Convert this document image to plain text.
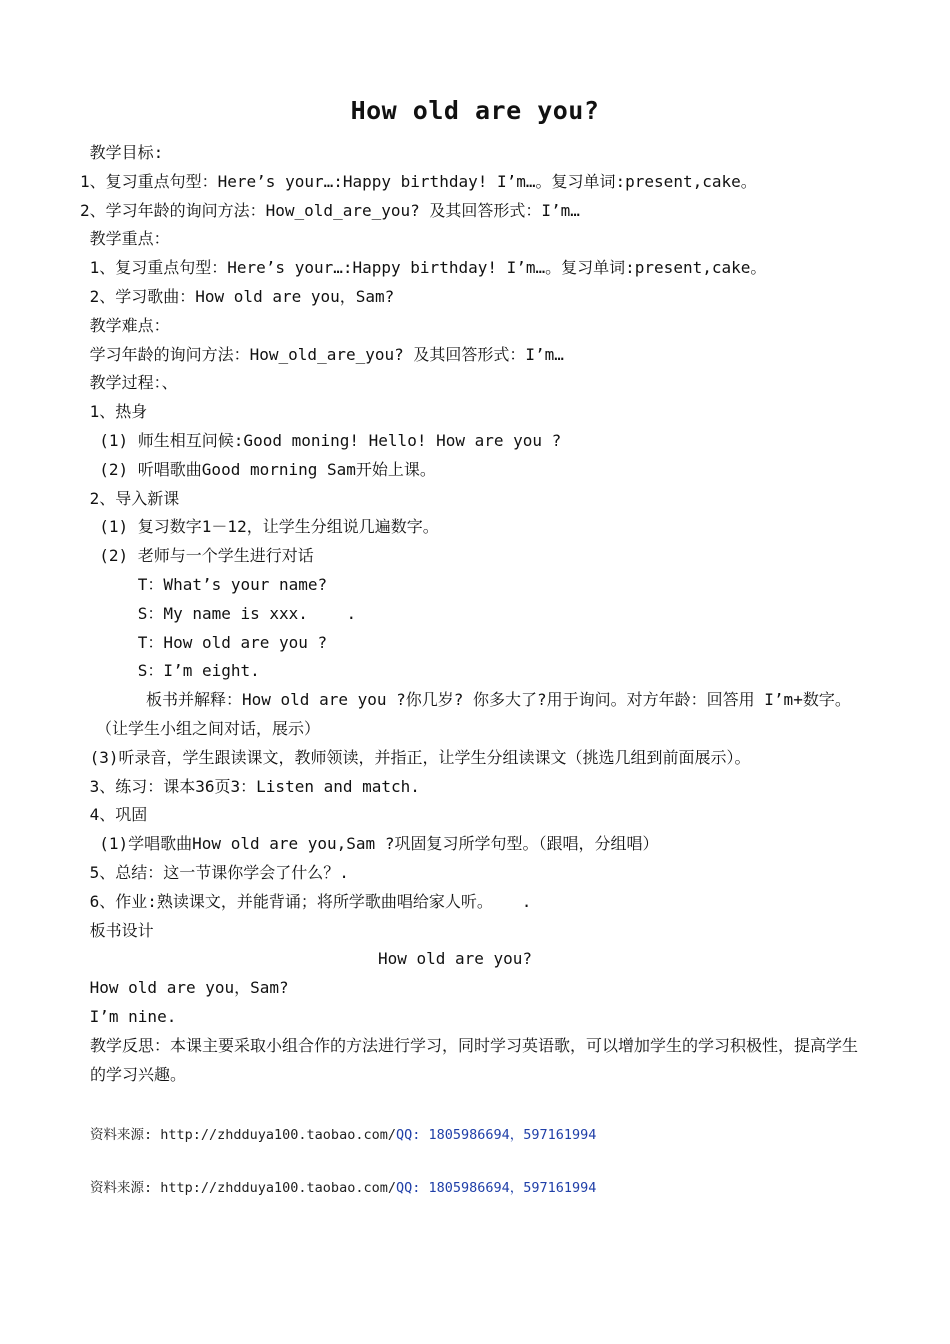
How old are you?
教学目标:
1、复习重点句型：Here’s your…:Happy birthday! I’m…。复习单词:present,cake。
2、学习年龄的询问方法：How_old_are_you? 及其回答形式：I’m…
教学重点：
1、复习重点句型：Here’s your…:Happy birthday! I’m…。复习单词:present,cake。
2、学习歌曲：How old are you，Sam?
教学难点：
学习年龄的询问方法：How_old_are_you? 及其回答形式：I’m…
教学过程：、
1、热身
(1) 师生相互问候:Good moning! Hello! How are you ?
(2) 听唱歌曲Good morning Sam开始上课。
2、导入新课
(1) 复习数字1－12，让学生分组说几遍数字。
(2) 老师与一个学生进行对话
T：What’s your name?
S：My name is xxx.    .
T：How old are you ?
S：I’m eight.
板书并解释：How old are you ?你几岁? 你多大了?用于询问。对方年龄：回答用 I’m+数字。（让学生小组之间对话，展示）
(3)听录音，学生跟读课文，教师领读，并指正，让学生分组读课文（挑选几组到前面展示）。
3、练习：课本36页3：Listen and match.
4、巩固
(1)学唱歌曲How old are you,Sam ?巩固复习所学句型。（跟唱，分组唱）
5、总结：这一节课你学会了什么？.
6、作业:熟读课文，并能背诵；将所学歌曲唱给家人听。   .
板书设计
How old are you?
How old are you，Sam?
I’m nine.
教学反思：本课主要采取小组合作的方法进行学习，同时学习英语歌，可以增加学生的学习积极性，提高学生的学习兴趣。
资料来源: http://zhdduya100.taobao.com/QQ: 1805986694，597161994
资料来源: http://zhdduya100.taobao.com/QQ: 1805986694，597161994
